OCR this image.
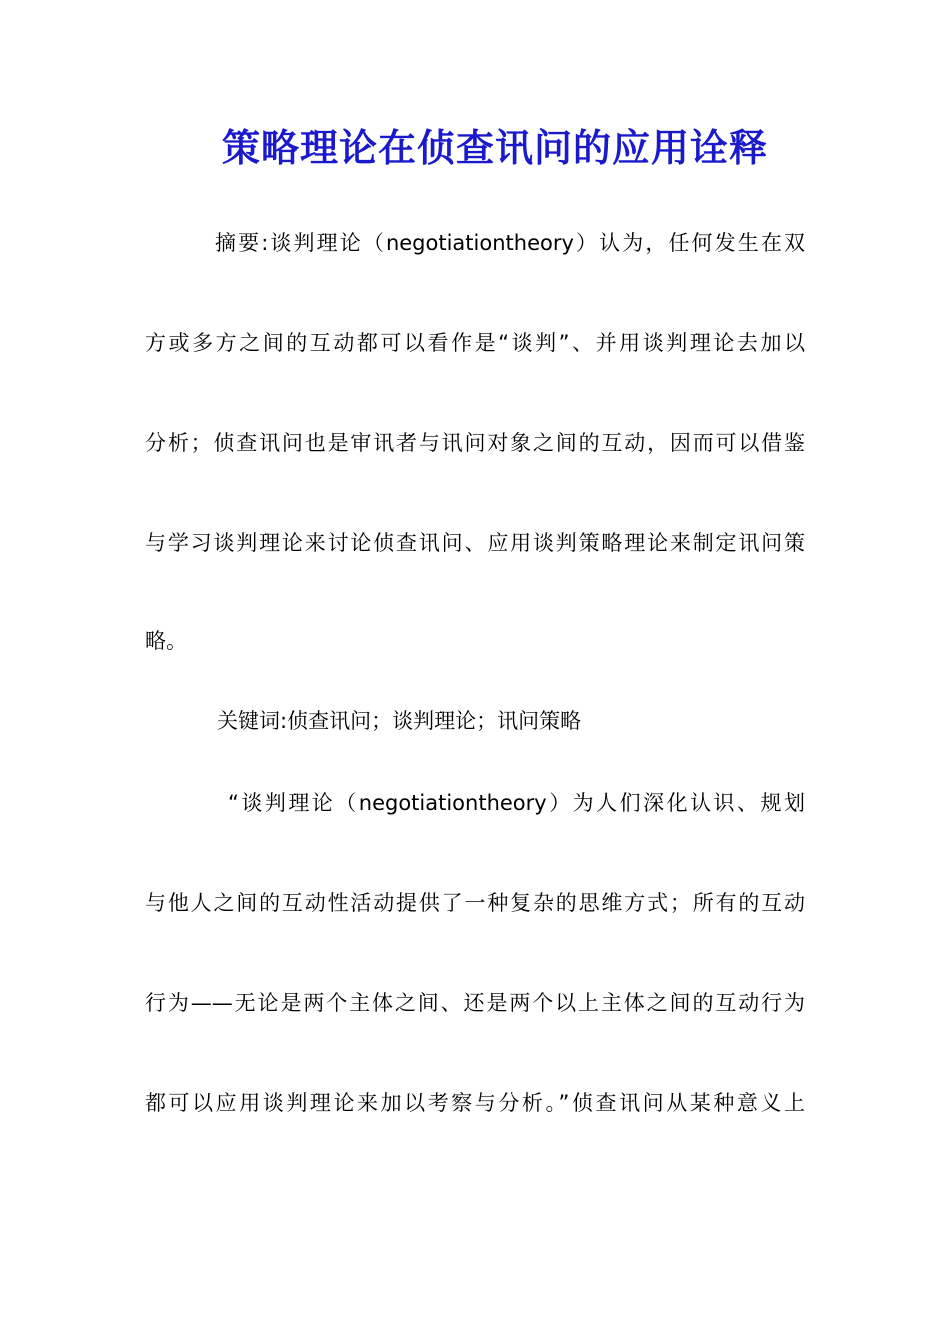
策略理论在侦查讯问的应用诠释
摘要:谈判理论（negotiationtheory）认为，任何发生在双
方或多方之间的互动都可以看作是“谈判”、并用谈判理论去加以
分析；侦查讯问也是审讯者与讯问对象之间的互动，因而可以借鉴
与学习谈判理论来讨论侦查讯问、应用谈判策略理论来制定讯问策
略。
关键词:侦查讯问；谈判理论；讯问策略
“谈判理论（negotiationtheory）为人们深化认识、规划
与他人之间的互动性活动提供了一种复杂的思维方式；所有的互动
行为——无论是两个主体之间、还是两个以上主体之间的互动行为
都可以应用谈判理论来加以考察与分析。”侦查讯问从某种意义上
